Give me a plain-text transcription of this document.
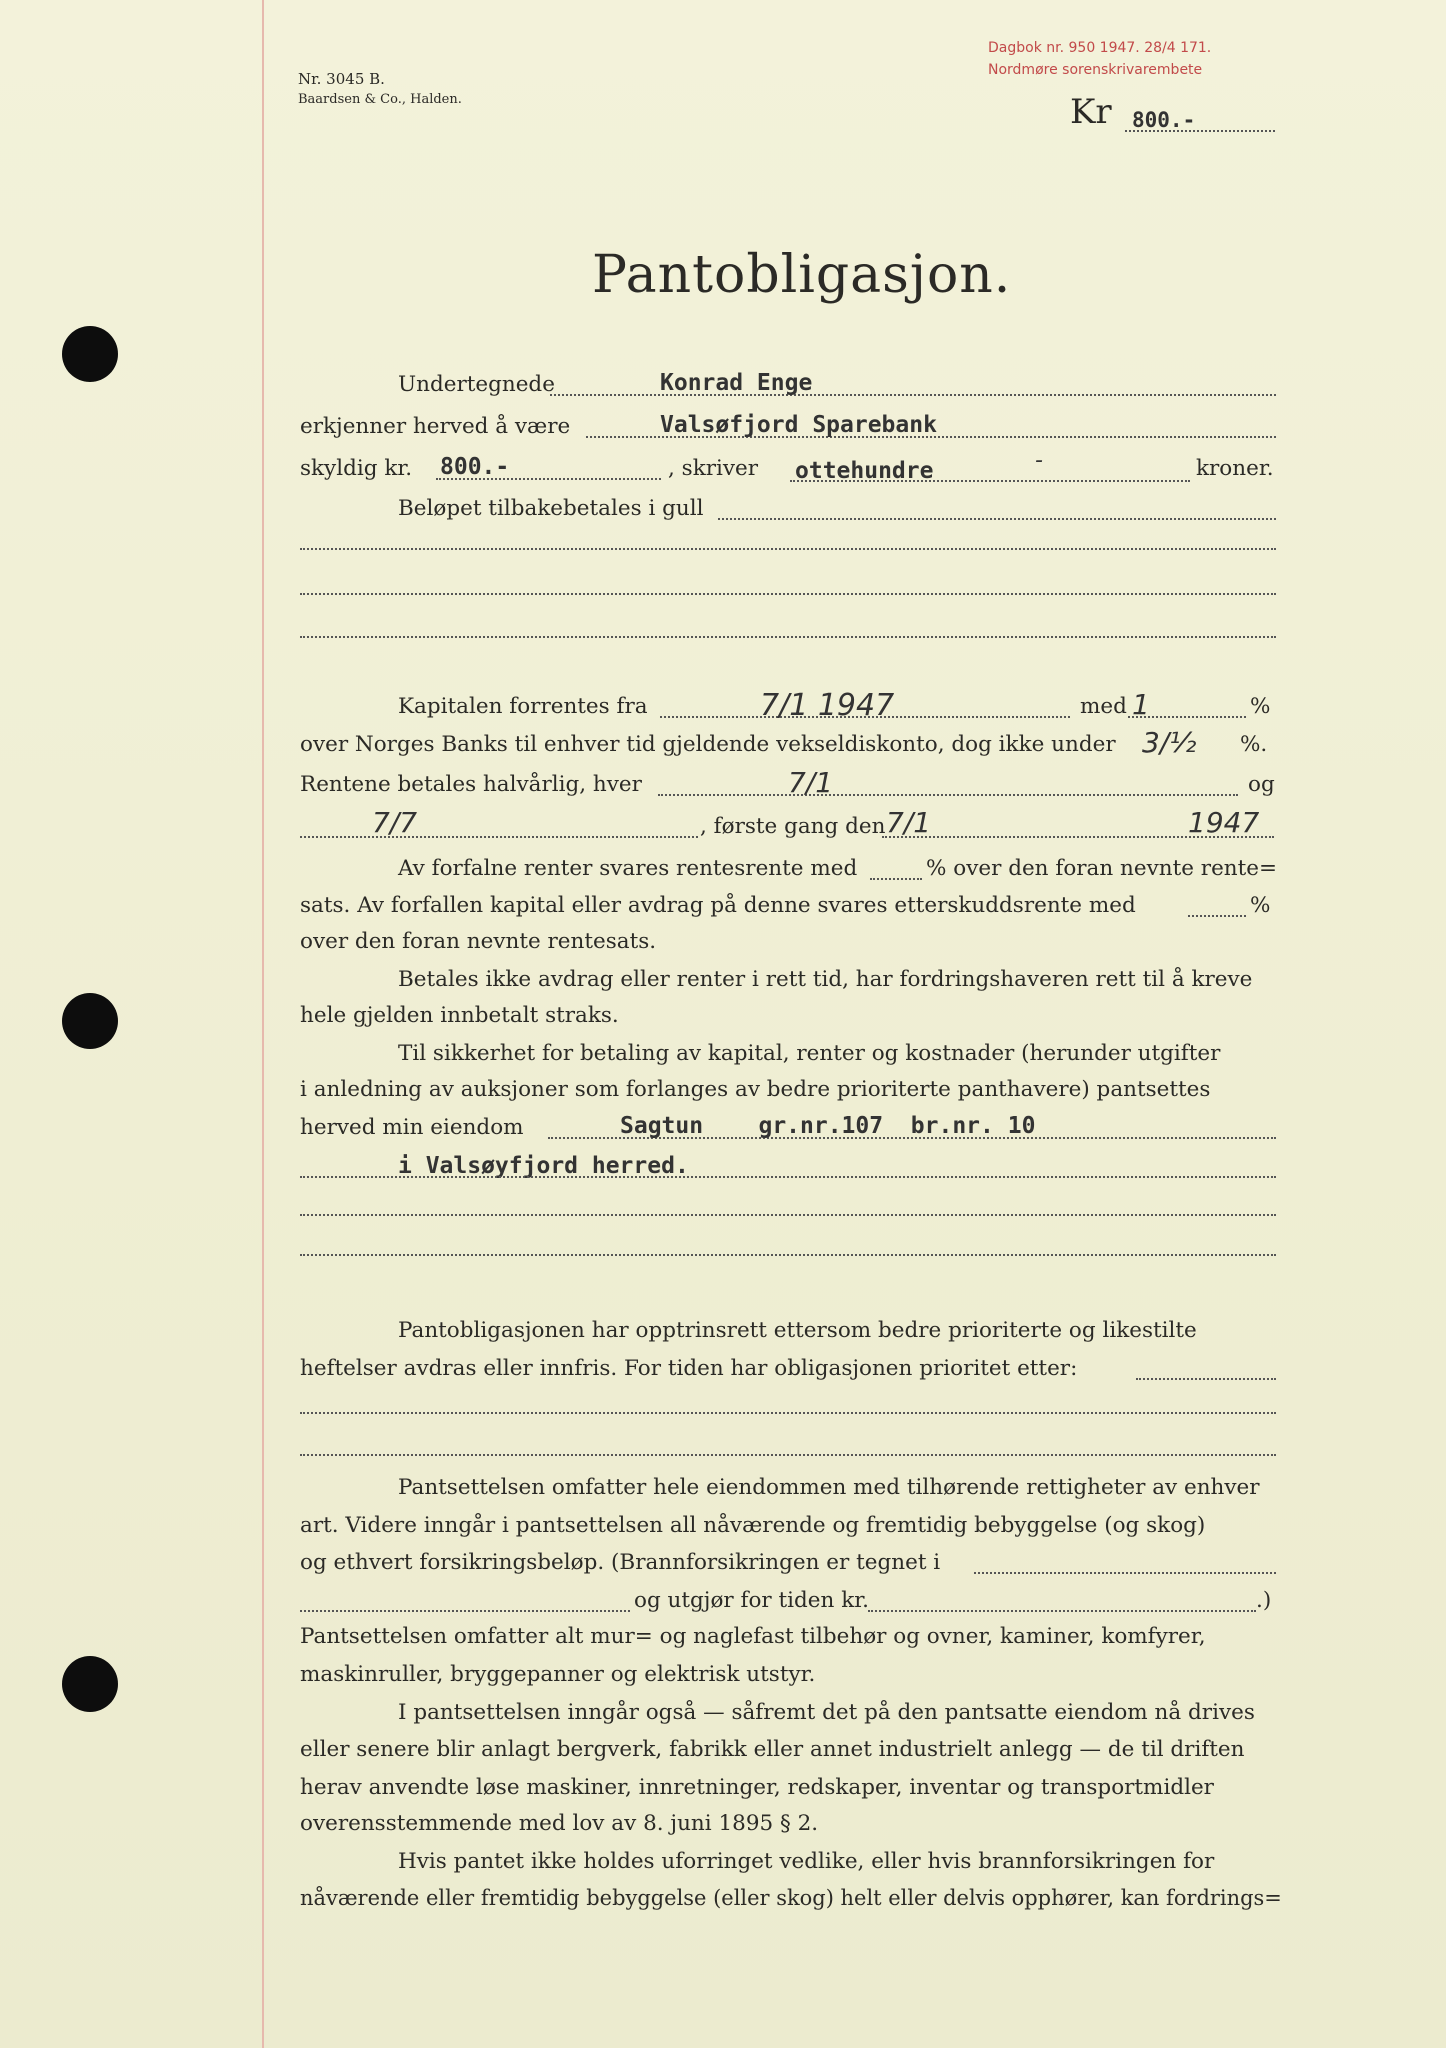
Nr. 3045 B.
Baardsen & Co., Halden.
Dagbok nr. 950 1947. 28/4 171.
Nordmøre sorenskrivarembete
Kr 800.-
Pantobligasjon.
Undertegnede	Konrad Enge
erkjenner herved å være	Valsøfjord Sparebank
skyldig kr. 800.-	, skriver ottehundre	-	kroner.
Beløpet tilbakebetales i gull
Kapitalen forrentes fra	7/1 1947	med 1	%
over Norges Banks til enhver tid gjeldende vekseldiskonto, dog ikke under 3/½ %.
Rentene betales halvårlig, hver	7/1	og
7/7	, første gang den 7/1	1947
Av forfalne renter svares rentesrente med	% over den foran nevnte rente=
sats. Av forfallen kapital eller avdrag på denne svares etterskuddsrente med	%
over den foran nevnte rentesats.
Betales ikke avdrag eller renter i rett tid, har fordringshaveren rett til å kreve
hele gjelden innbetalt straks.
Til sikkerhet for betaling av kapital, renter og kostnader (herunder utgifter
i anledning av auksjoner som forlanges av bedre prioriterte panthavere) pantsettes
herved min eiendom	Sagtun    gr.nr.107  br.nr. 10
i Valsøyfjord herred.
Pantobligasjonen har opptrinsrett ettersom bedre prioriterte og likestilte
heftelser avdras eller innfris. For tiden har obligasjonen prioritet etter:
Pantsettelsen omfatter hele eiendommen med tilhørende rettigheter av enhver
art. Videre inngår i pantsettelsen all nåværende og fremtidig bebyggelse (og skog)
og ethvert forsikringsbeløp. (Brannforsikringen er tegnet i
og utgjør for tiden kr.	.)
Pantsettelsen omfatter alt mur= og naglefast tilbehør og ovner, kaminer, komfyrer,
maskinruller, bryggepanner og elektrisk utstyr.
I pantsettelsen inngår også — såfremt det på den pantsatte eiendom nå drives
eller senere blir anlagt bergverk, fabrikk eller annet industrielt anlegg — de til driften
herav anvendte løse maskiner, innretninger, redskaper, inventar og transportmidler
overensstemmende med lov av 8. juni 1895 § 2.
Hvis pantet ikke holdes uforringet vedlike, eller hvis brannforsikringen for
nåværende eller fremtidig bebyggelse (eller skog) helt eller delvis opphører, kan fordrings=
